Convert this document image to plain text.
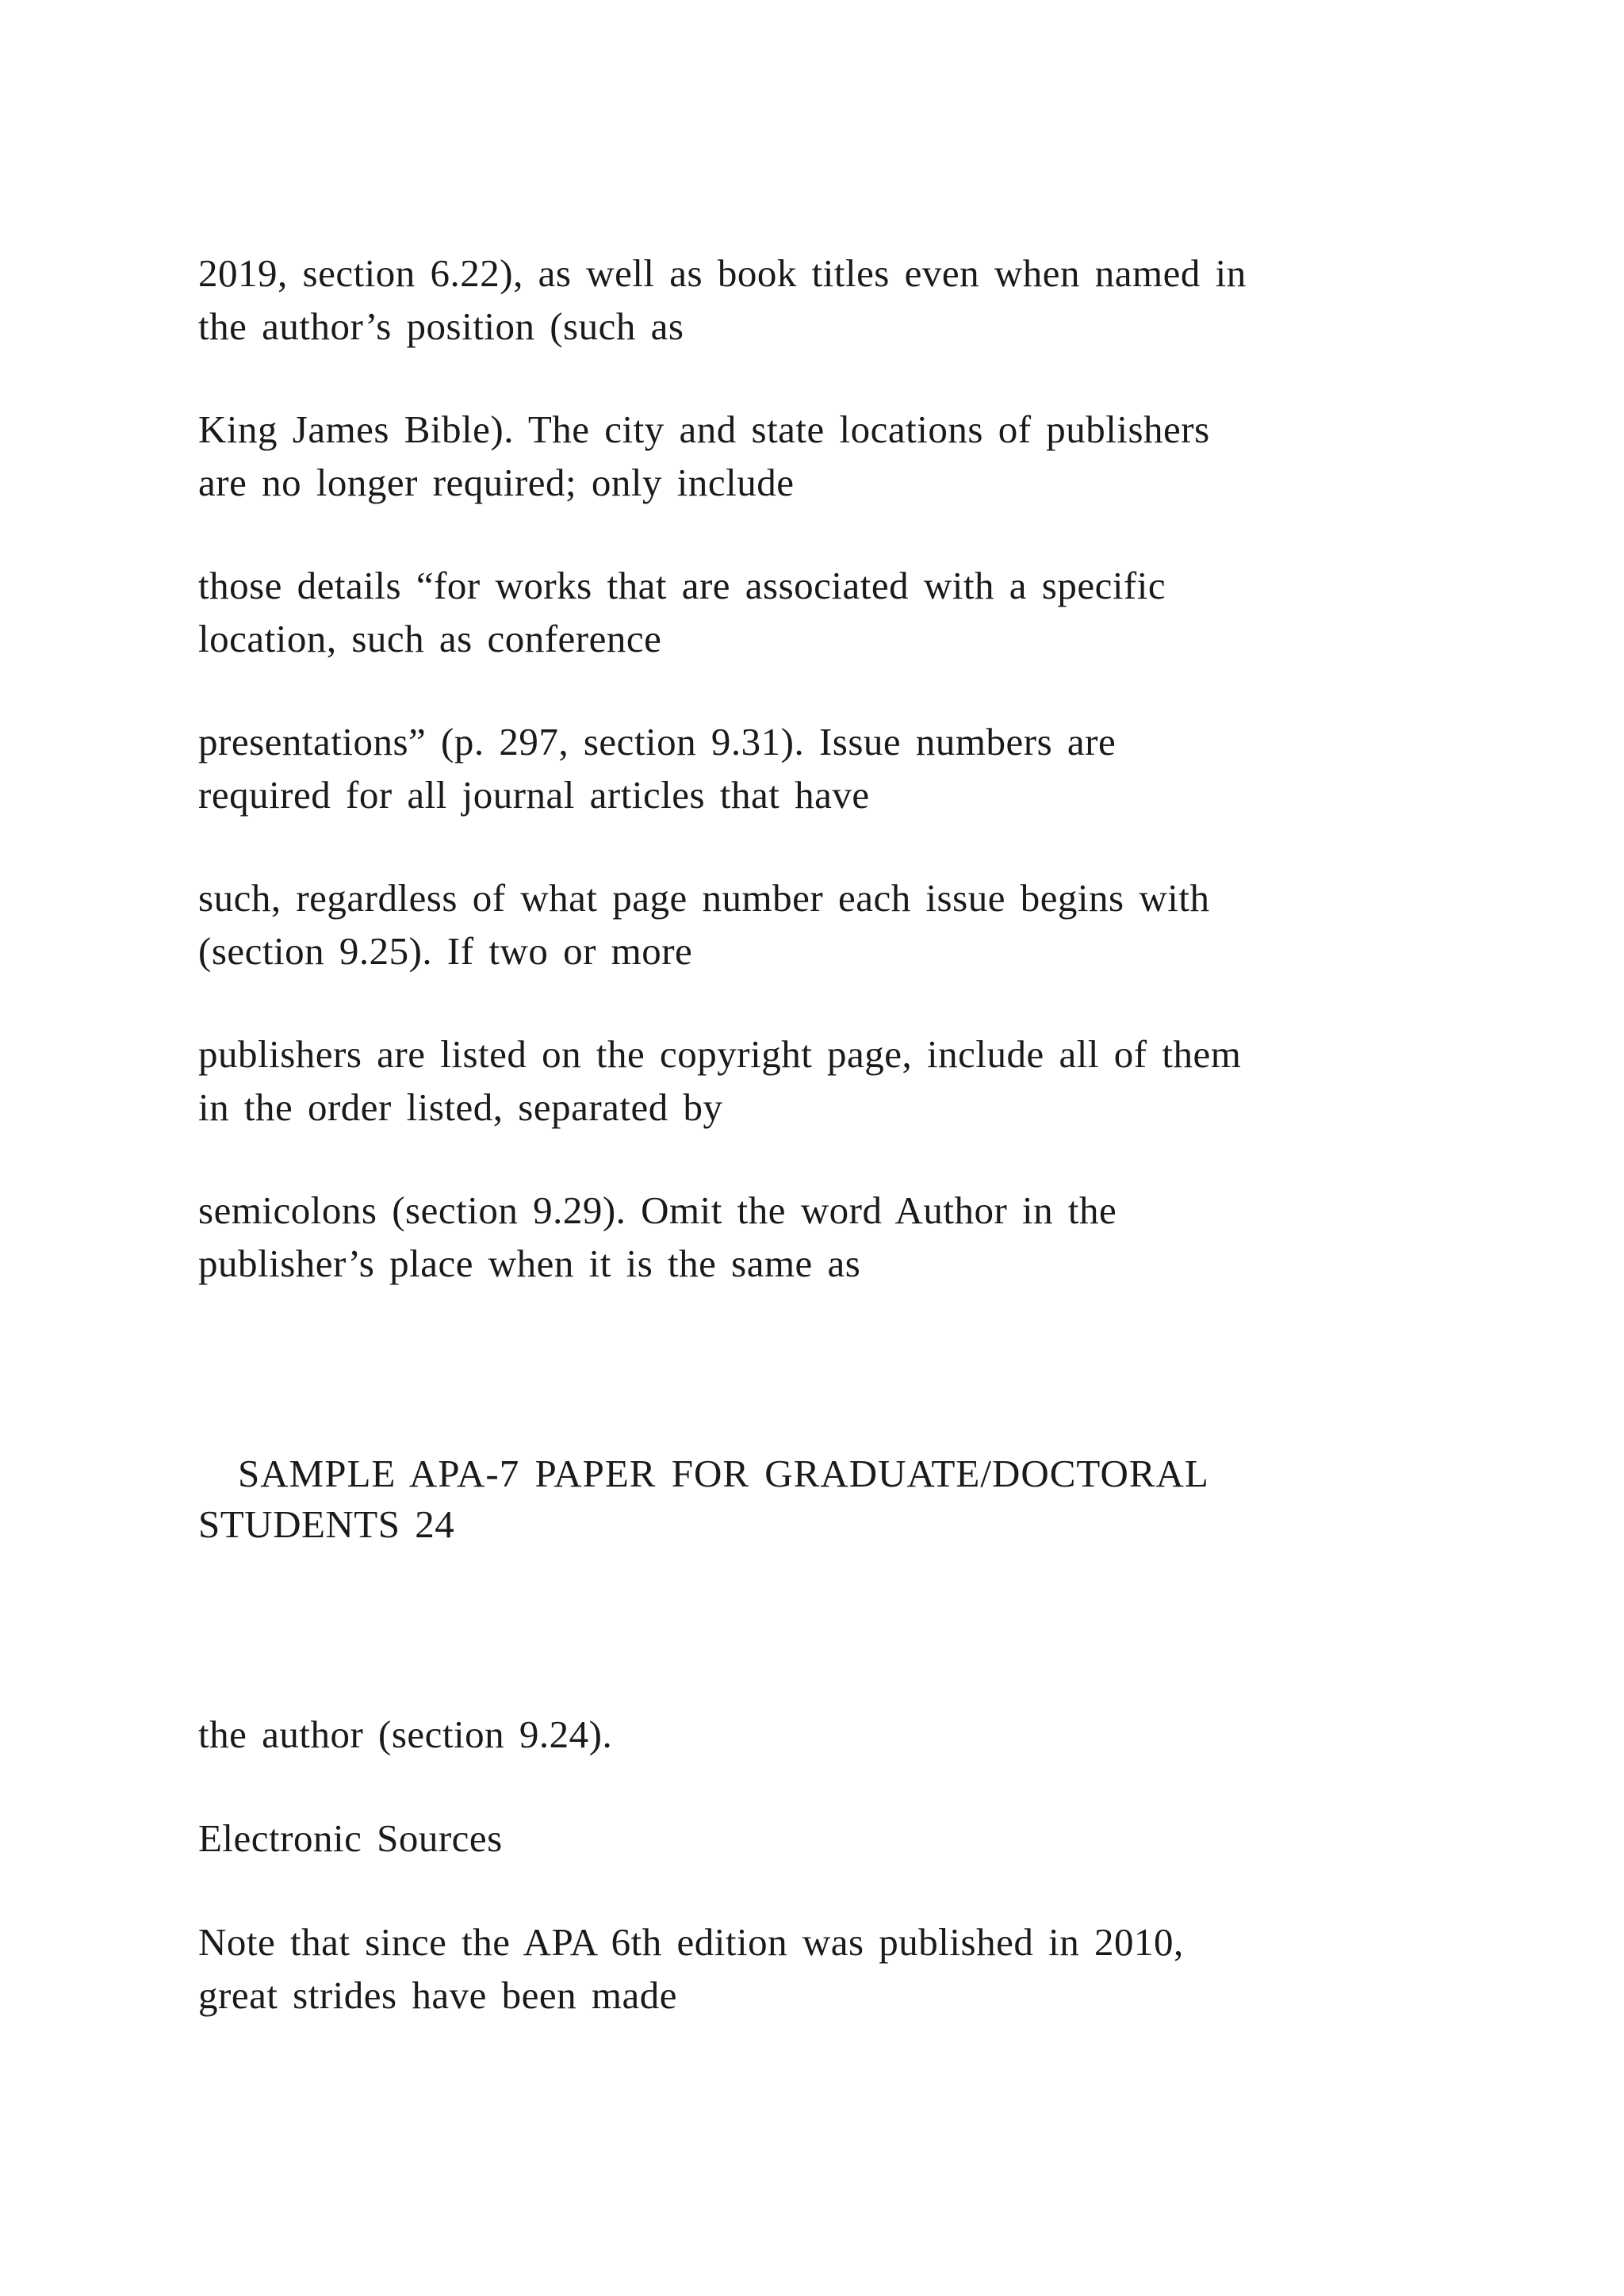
2019, section 6.22), as well as book titles even when named in
the author’s position (such as
King James Bible). The city and state locations of publishers
are no longer required; only include
those details “for works that are associated with a specific
location, such as conference
presentations” (p. 297, section 9.31). Issue numbers are
required for all journal articles that have
such, regardless of what page number each issue begins with
(section 9.25). If two or more
publishers are listed on the copyright page, include all of them
in the order listed, separated by
semicolons (section 9.29). Omit the word Author in the
publisher’s place when it is the same as
SAMPLE APA-7 PAPER FOR GRADUATE/DOCTORAL
STUDENTS 24
the author (section 9.24).
Electronic Sources
Note that since the APA 6th edition was published in 2010,
great strides have been made
